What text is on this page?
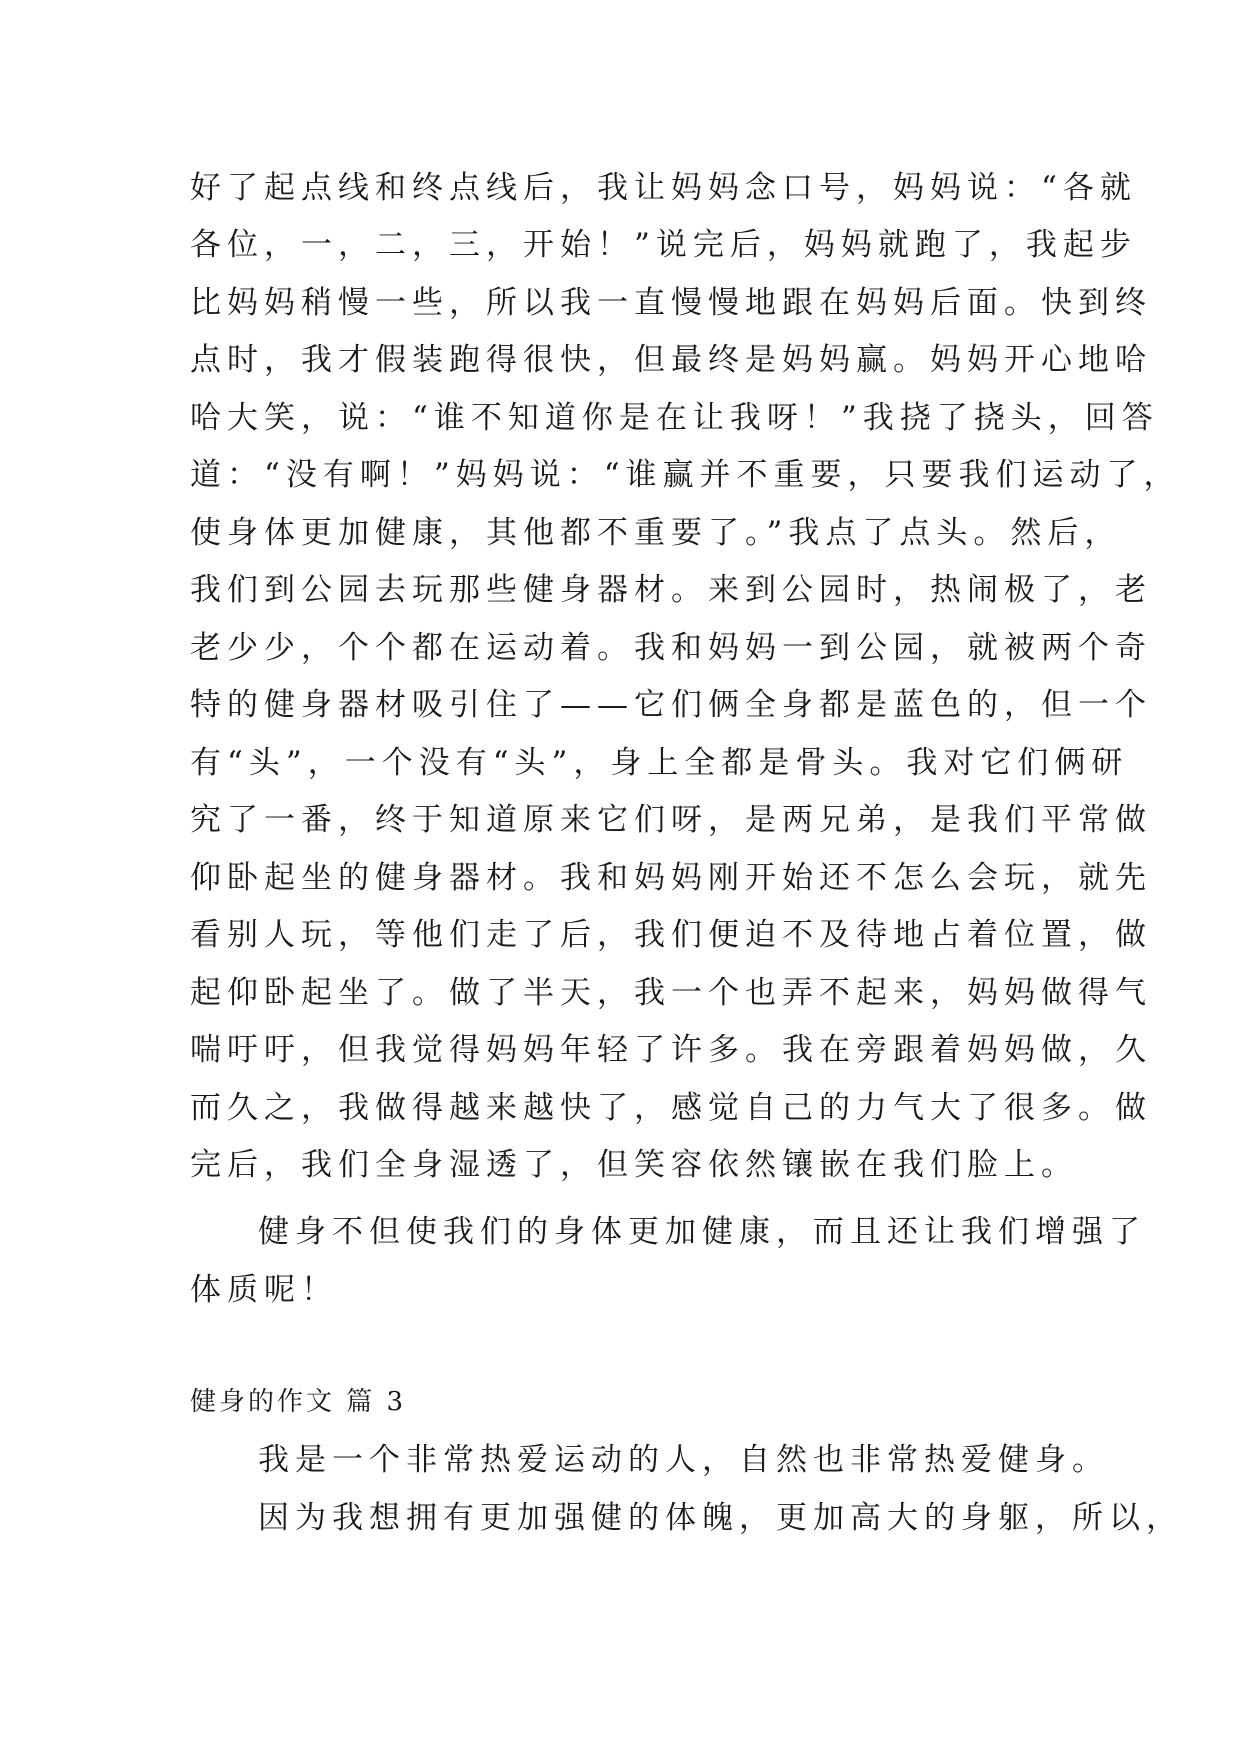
好了起点线和终点线后，我让妈妈念口号，妈妈说：“各就
各位，一，二，三，开始！”说完后，妈妈就跑了，我起步
比妈妈稍慢一些，所以我一直慢慢地跟在妈妈后面。快到终
点时，我才假装跑得很快，但最终是妈妈赢。妈妈开心地哈
哈大笑，说：“谁不知道你是在让我呀！”我挠了挠头，回答
道：“没有啊！”妈妈说：“谁赢并不重要，只要我们运动了，
使身体更加健康，其他都不重要了。”我点了点头。然后，
我们到公园去玩那些健身器材。来到公园时，热闹极了，老
老少少，个个都在运动着。我和妈妈一到公园，就被两个奇
特的健身器材吸引住了——它们俩全身都是蓝色的，但一个
有“头”，一个没有“头”，身上全都是骨头。我对它们俩研
究了一番，终于知道原来它们呀，是两兄弟，是我们平常做
仰卧起坐的健身器材。我和妈妈刚开始还不怎么会玩，就先
看别人玩，等他们走了后，我们便迫不及待地占着位置，做
起仰卧起坐了。做了半天，我一个也弄不起来，妈妈做得气
喘吁吁，但我觉得妈妈年轻了许多。我在旁跟着妈妈做，久
而久之，我做得越来越快了，感觉自己的力气大了很多。做
完后，我们全身湿透了，但笑容依然镶嵌在我们脸上。
健身不但使我们的身体更加健康，而且还让我们增强了
体质呢！
健身的作文 篇 3
我是一个非常热爱运动的人，自然也非常热爱健身。
因为我想拥有更加强健的体魄，更加高大的身躯，所以，
